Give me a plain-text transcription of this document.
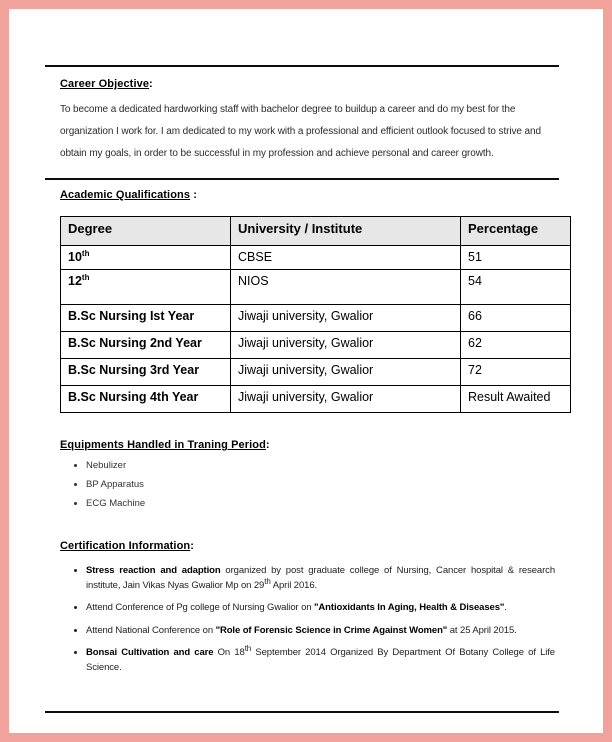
Career Objective:

To become a dedicated hardworking staff with bachelor degree to buildup a career and do my best for the organization I work for. I am dedicated to my work with a professional and efficient outlook focused to strive and obtain my goals, in order to be successful in my profession and achieve personal and career growth.

Academic Qualifications :
Degree	University / Institute	Percentage
10th	CBSE	51
12th	NIOS	54
B.Sc Nursing Ist Year	Jiwaji university, Gwalior	66
B.Sc Nursing 2nd Year	Jiwaji university, Gwalior	62
B.Sc Nursing 3rd Year	Jiwaji university, Gwalior	72
B.Sc Nursing 4th Year	Jiwaji university, Gwalior	Result Awaited
Equipments Handled in Traning Period:
• Nebulizer
• BP Apparatus
• ECG Machine
Certification Information:
• Stress reaction and adaption organized by post graduate college of Nursing, Cancer hospital & research institute, Jain Vikas Nyas Gwalior Mp on 29th April 2016.
• Attend Conference of Pg college of Nursing Gwalior on "Antioxidants In Aging, Health & Diseases".
• Attend National Conference on "Role of Forensic Science in Crime Against Women" at 25 April 2015.
• Bonsai Cultivation and care On 18th September 2014 Organized By Department Of Botany College of Life Science.
